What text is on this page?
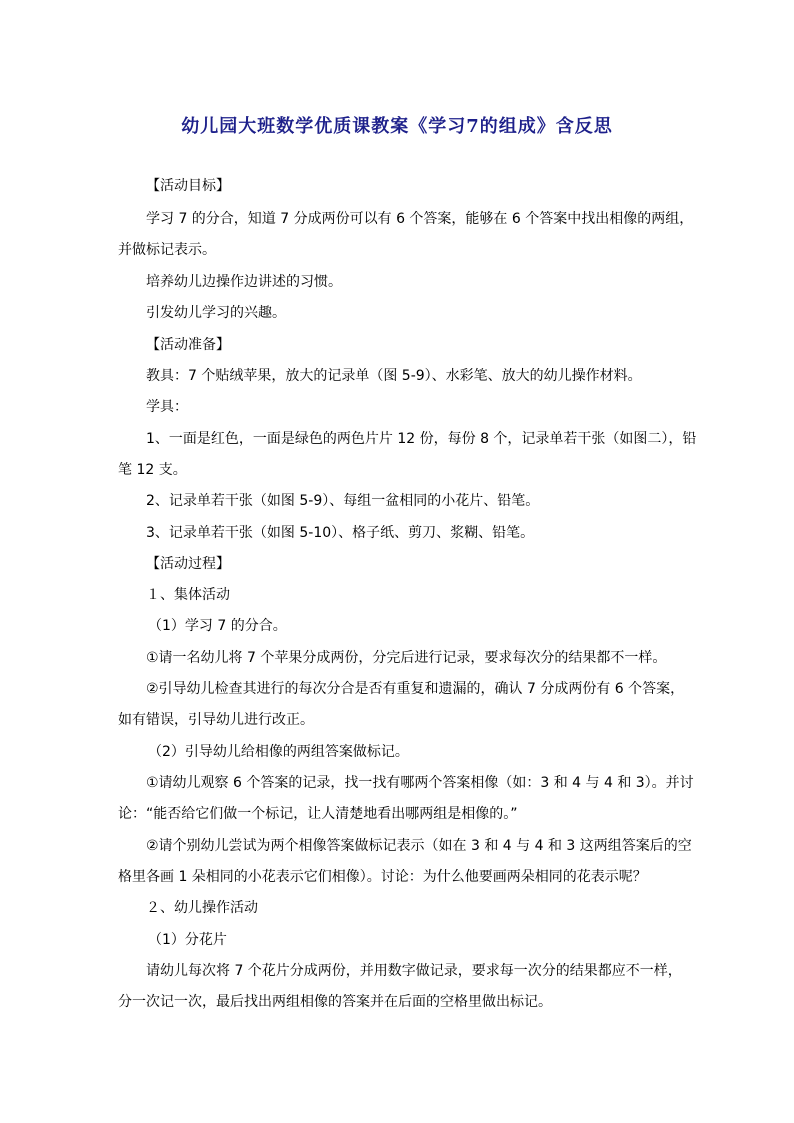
幼儿园大班数学优质课教案《学习7的组成》含反思
【活动目标】
学习 7 的分合，知道 7 分成两份可以有 6 个答案，能够在 6 个答案中找出相像的两组，
并做标记表示。
培养幼儿边操作边讲述的习惯。
引发幼儿学习的兴趣。
【活动准备】
教具：7 个贴绒苹果，放大的记录单（图 5-9）、水彩笔、放大的幼儿操作材料。
学具：
1、一面是红色，一面是绿色的两色片片 12 份，每份 8 个，记录单若干张（如图二），铅
笔 12 支。
2、记录单若干张（如图 5-9）、每组一盆相同的小花片、铅笔。
3、记录单若干张（如图 5-10）、格子纸、剪刀、浆糊、铅笔。
【活动过程】
１、集体活动
（1）学习 7 的分合。
①请一名幼儿将 7 个苹果分成两份，分完后进行记录，要求每次分的结果都不一样。
②引导幼儿检查其进行的每次分合是否有重复和遗漏的，确认 7 分成两份有 6 个答案，
如有错误，引导幼儿进行改正。
（2）引导幼儿给相像的两组答案做标记。
①请幼儿观察 6 个答案的记录，找一找有哪两个答案相像（如：3 和 4 与 4 和 3）。并讨
论：“能否给它们做一个标记，让人清楚地看出哪两组是相像的。”
②请个别幼儿尝试为两个相像答案做标记表示（如在 3 和 4 与 4 和 3 这两组答案后的空
格里各画 1 朵相同的小花表示它们相像）。讨论：为什么他要画两朵相同的花表示呢？
２、幼儿操作活动
（1）分花片
请幼儿每次将 7 个花片分成两份，并用数字做记录，要求每一次分的结果都应不一样，
分一次记一次，最后找出两组相像的答案并在后面的空格里做出标记。
